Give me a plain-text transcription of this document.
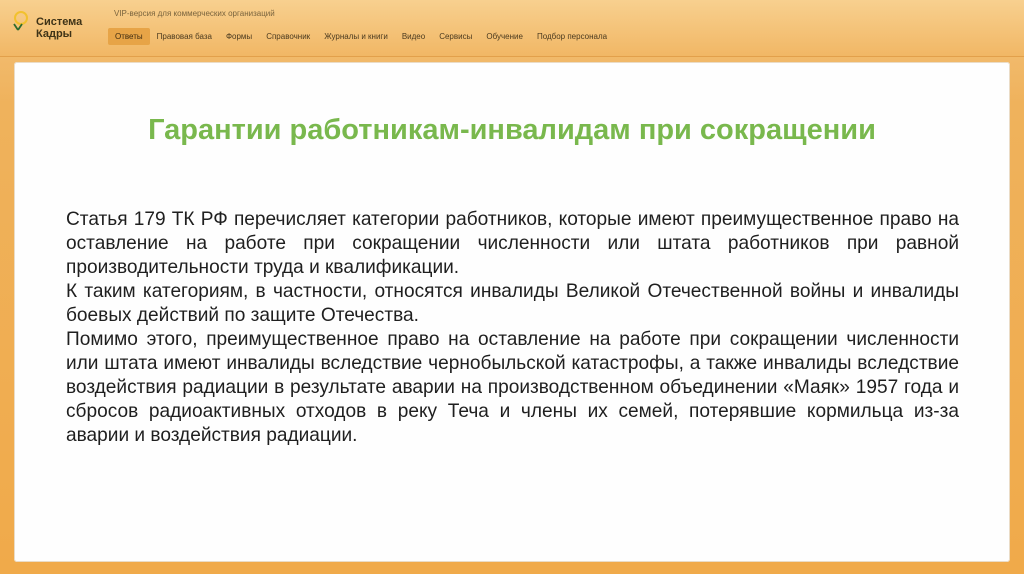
Система
Кадры
VIP-версия для коммерческих организаций
Ответы	Правовая база	Формы	Справочник	Журналы и книги	Видео	Сервисы	Обучение	Подбор персонала
Гарантии работникам-инвалидам при сокращении

Статья 179 ТК РФ перечисляет категории работников, которые имеют преимущественное право на оставление на работе при сокращении численности или штата работников при равной производительности труда и квалификации.

К таким категориям, в частности, относятся инвалиды Великой Отечественной войны и инвалиды боевых действий по защите Отечества.

Помимо этого, преимущественное право на оставление на работе при сокращении численности или штата имеют инвалиды вследствие чернобыльской катастрофы, а также инвалиды вследствие воздействия радиации в результате аварии на производственном объединении «Маяк» 1957 года и сбросов радиоактивных отходов в реку Теча и члены их семей, потерявшие кормильца из-за аварии и воздействия радиации.
